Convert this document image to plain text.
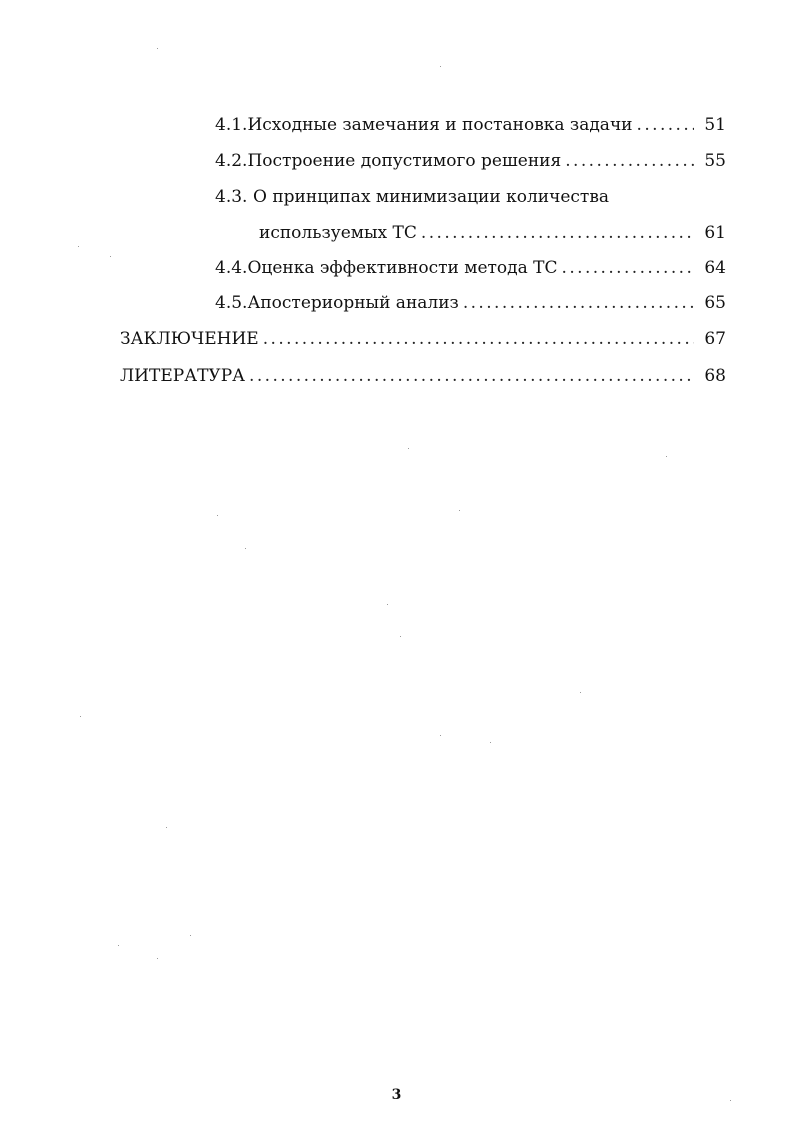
4.1. Исходные замечания и постановка задачи . . .	51
4.2. Построение допустимого решения . . .	55
4.3. О принципах минимизации количества
используемых ТС . . .	61
4.4. Оценка эффективности метода ТС . . .	64
4.5. Апостериорный анализ . . .	65
ЗАКЛЮЧЕНИЕ . . .	67
ЛИТЕРАТУРА . . .	68
3
